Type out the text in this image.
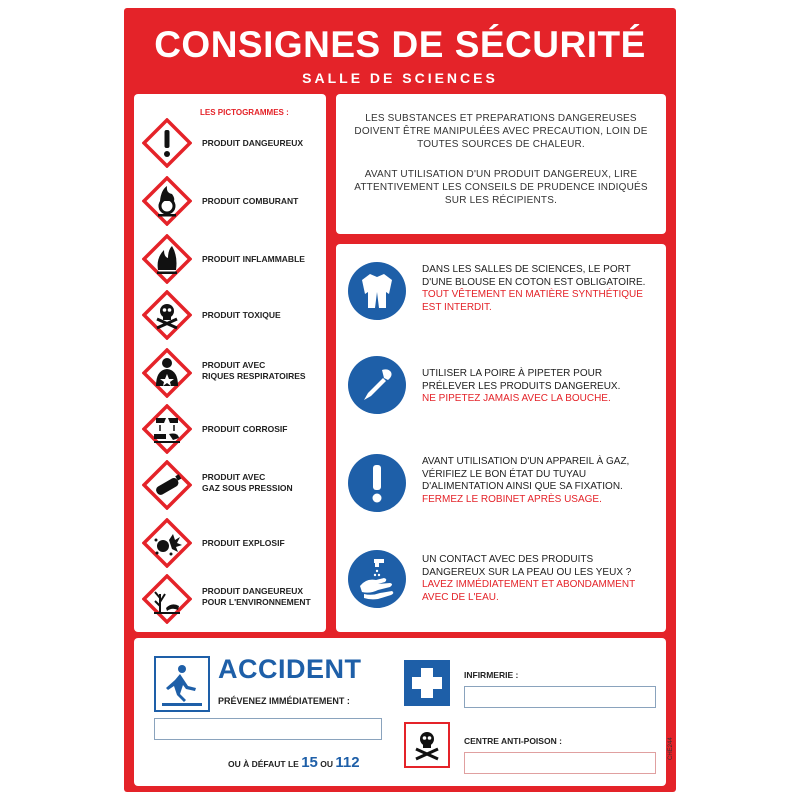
CONSIGNES DE SÉCURITÉ
SALLE DE SCIENCES
LES PICTOGRAMMES :
PRODUIT DANGEUREUX
PRODUIT COMBURANT
PRODUIT INFLAMMABLE
PRODUIT TOXIQUE
PRODUIT AVEC
RIQUES RESPIRATOIRES
PRODUIT CORROSIF
PRODUIT AVEC
GAZ SOUS PRESSION
PRODUIT EXPLOSIF
PRODUIT DANGEUREUX
POUR L'ENVIRONNEMENT
LES SUBSTANCES ET PREPARATIONS DANGEREUSES DOIVENT ÊTRE MANIPULÉES AVEC PRECAUTION, LOIN DE TOUTES SOURCES DE CHALEUR.
AVANT UTILISATION D'UN PRODUIT DANGEREUX, LIRE ATTENTIVEMENT LES CONSEILS DE PRUDENCE INDIQUÉS SUR LES RÉCIPIENTS.
DANS LES SALLES DE SCIENCES, LE PORT D'UNE BLOUSE EN COTON EST OBLIGATOIRE.
TOUT VÊTEMENT EN MATIÈRE SYNTHÉTIQUE EST INTERDIT.
UTILISER LA POIRE À PIPETER POUR PRÉLEVER LES PRODUITS DANGEREUX.
NE PIPETEZ JAMAIS AVEC LA BOUCHE.
AVANT UTILISATION D'UN APPAREIL À GAZ, VÉRIFIEZ LE BON ÉTAT DU TUYAU D'ALIMENTATION AINSI QUE SA FIXATION.
FERMEZ LE ROBINET APRÈS USAGE.
UN CONTACT AVEC DES PRODUITS DANGEREUX SUR LA PEAU OU LES YEUX ?
LAVEZ IMMÉDIATEMENT ET ABONDAMMENT AVEC DE L'EAU.
ACCIDENT
PRÉVENEZ IMMÉDIATEMENT :
OU À DÉFAUT LE 15 OU 112
INFIRMERIE :
CENTRE ANTI-POISON :	CHE244
